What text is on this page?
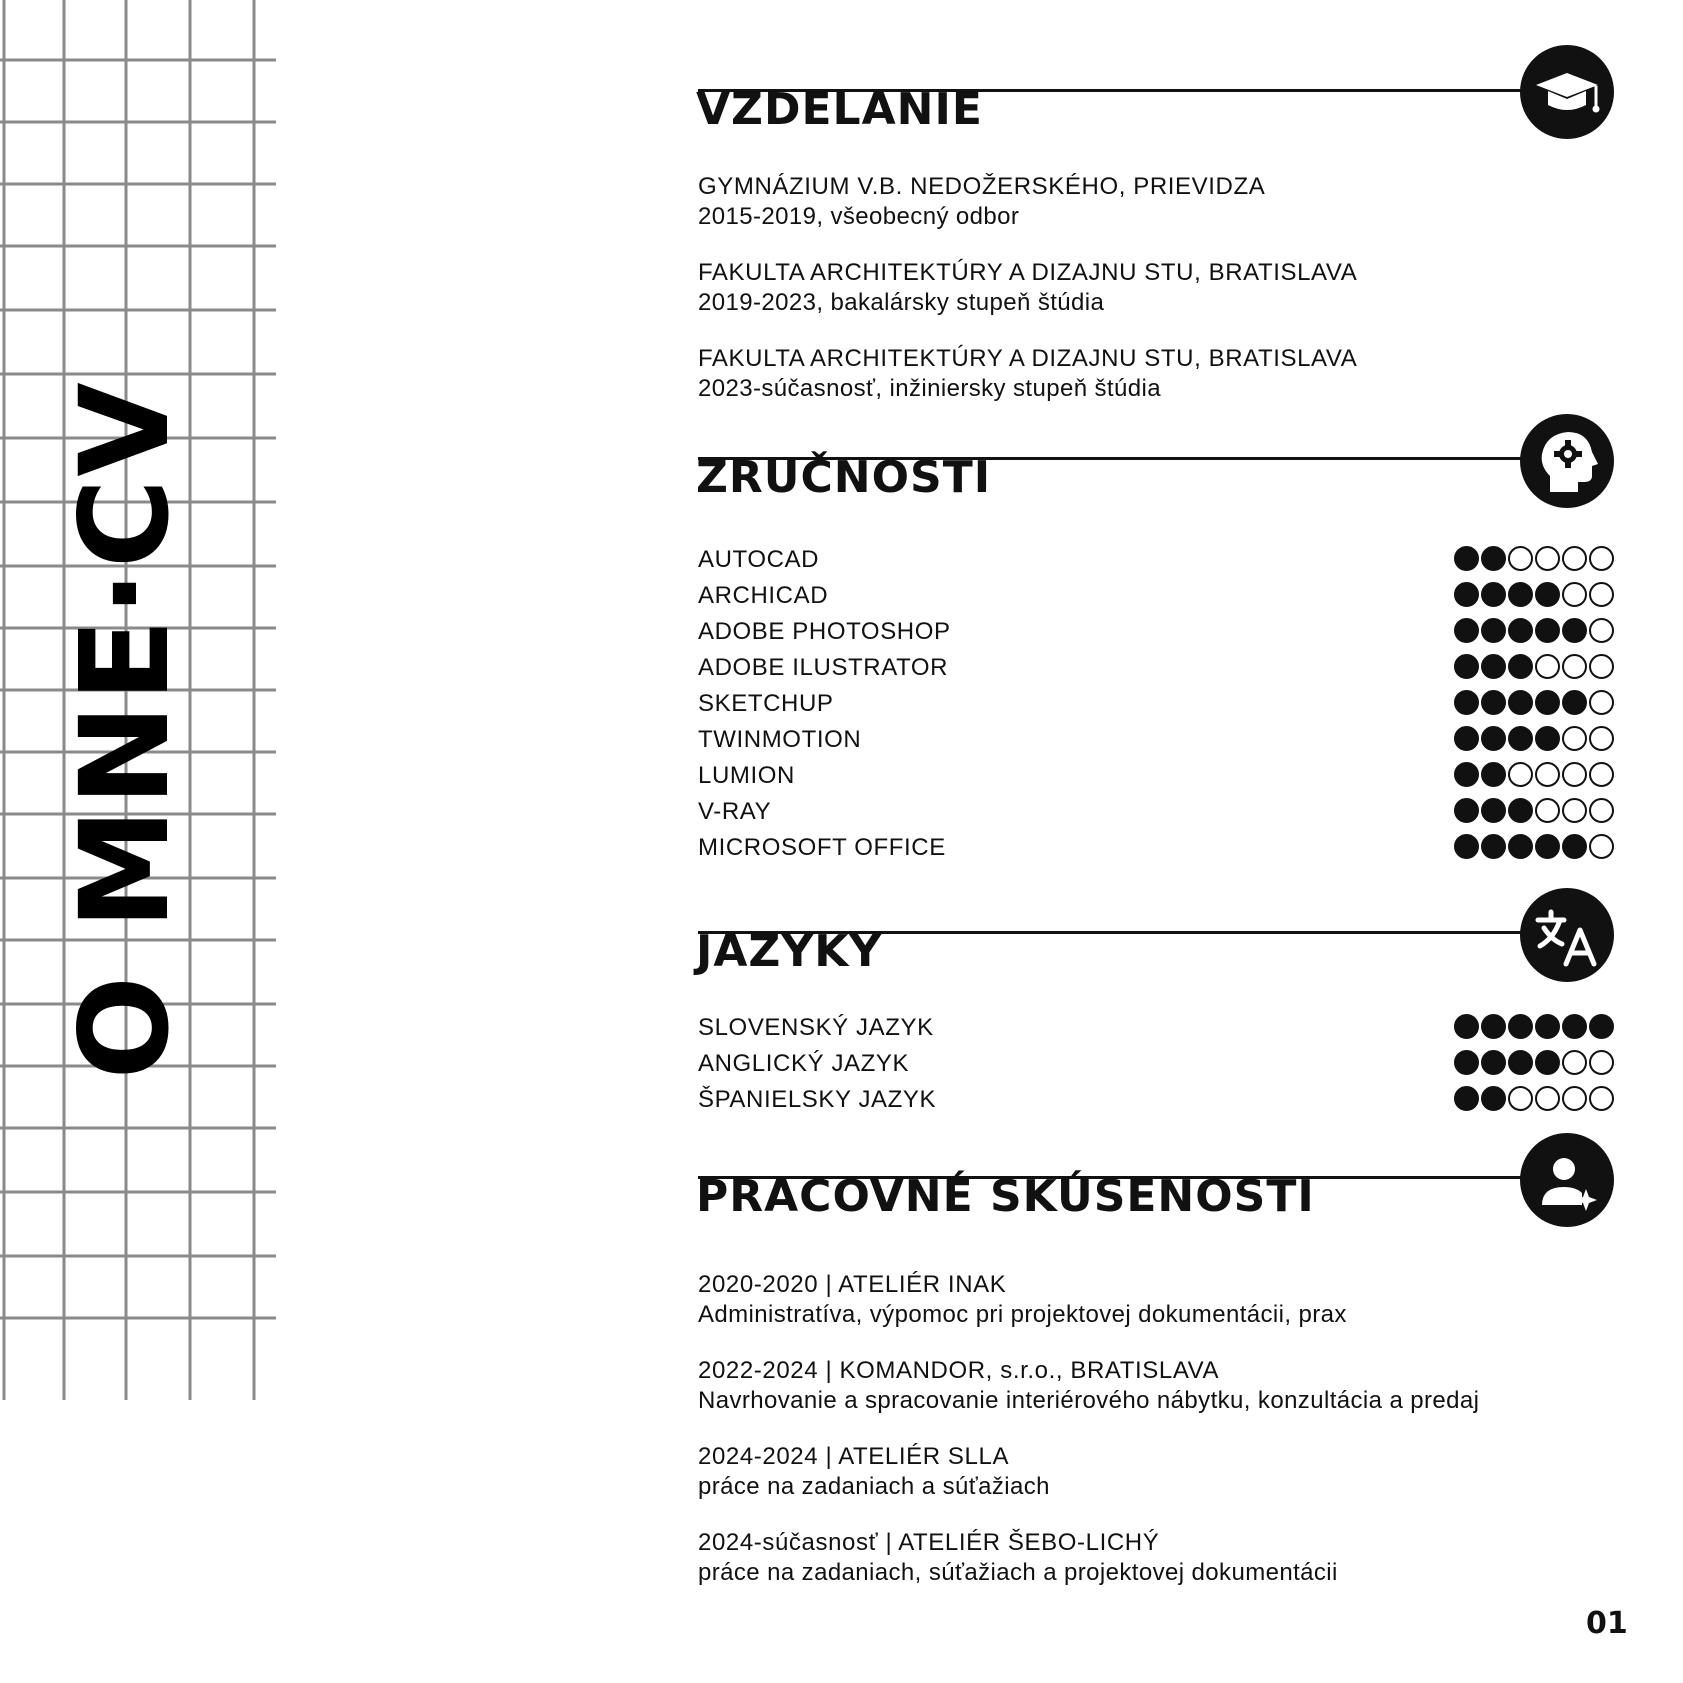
O MNE·CV
VZDELANIE
GYMNÁZIUM V.B. NEDOŽERSKÉHO, PRIEVIDZA
2015-2019, všeobecný odbor
FAKULTA ARCHITEKTÚRY A DIZAJNU STU, BRATISLAVA
2019-2023, bakalársky stupeň štúdia
FAKULTA ARCHITEKTÚRY A DIZAJNU STU, BRATISLAVA
2023-súčasnosť, inžiniersky stupeň štúdia
ZRUČNOSTI
AUTOCAD
ARCHICAD
ADOBE PHOTOSHOP
ADOBE ILUSTRATOR
SKETCHUP
TWINMOTION
LUMION
V-RAY
MICROSOFT OFFICE
JAZYKY
SLOVENSKÝ JAZYK
ANGLICKÝ JAZYK
ŠPANIELSKY JAZYK
PRACOVNÉ SKÚSENOSTI
2020-2020 | ATELIÉR INAK
Administratíva, výpomoc pri projektovej dokumentácii, prax
2022-2024 | KOMANDOR, s.r.o., BRATISLAVA
Navrhovanie a spracovanie interiérového nábytku, konzultácia a predaj
2024-2024 | ATELIÉR SLLA
práce na zadaniach a súťažiach
2024-súčasnosť | ATELIÉR ŠEBO-LICHÝ
práce na zadaniach, súťažiach a projektovej dokumentácii
01
